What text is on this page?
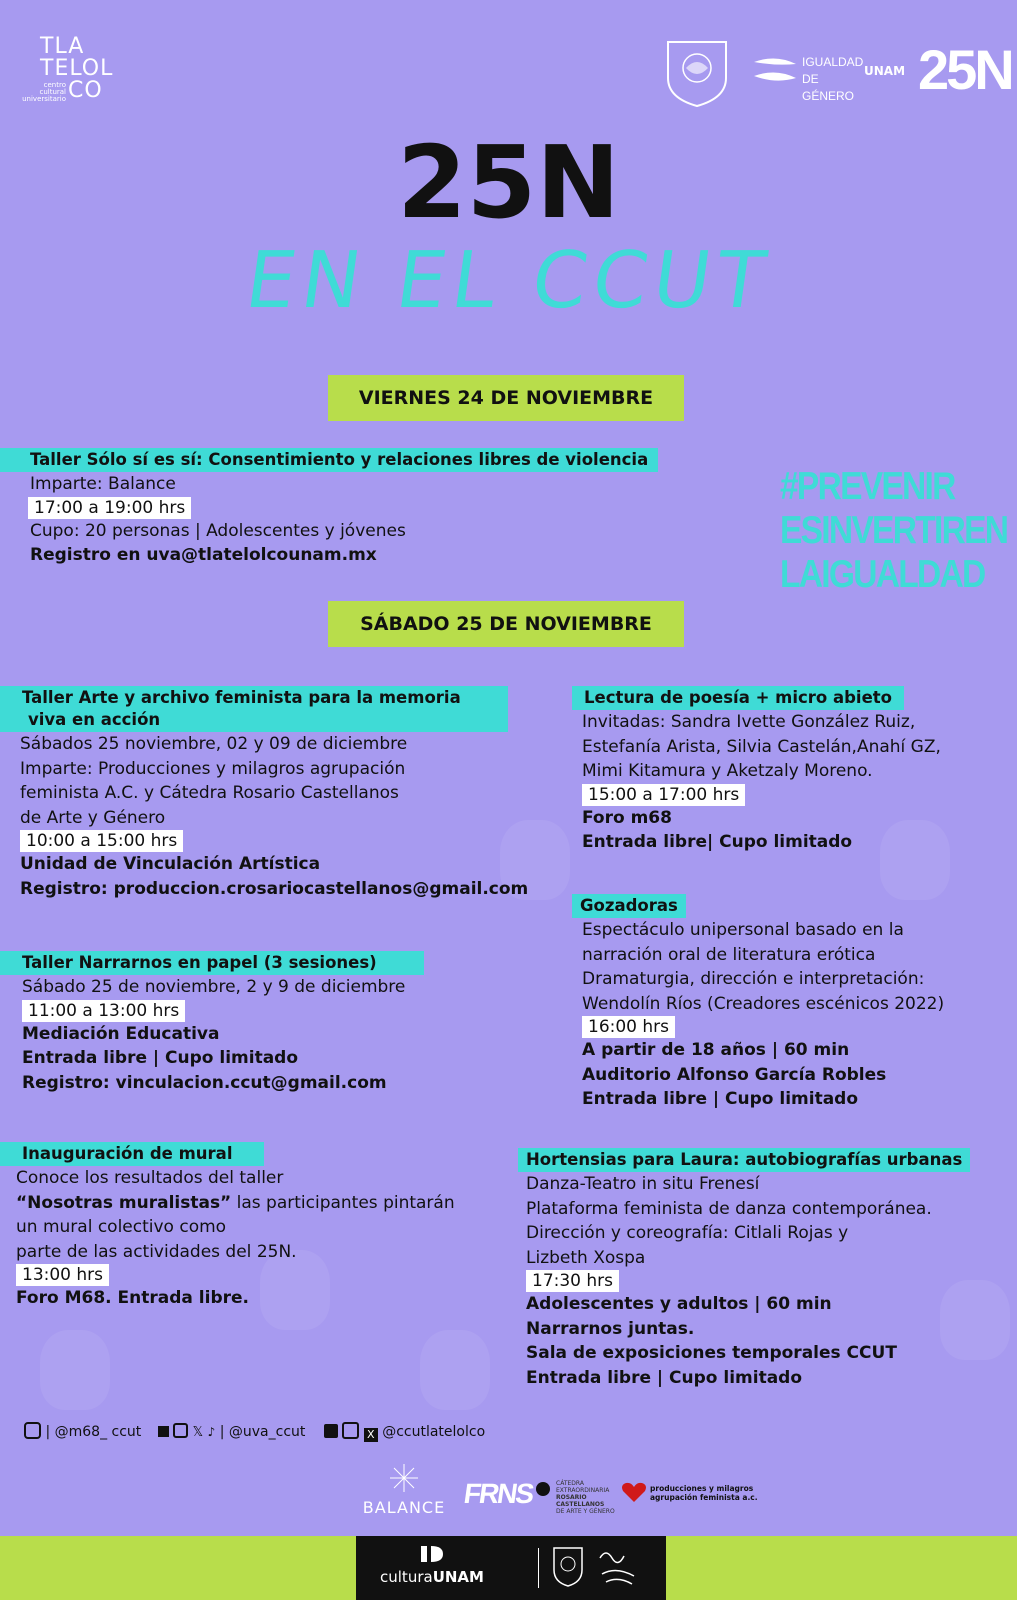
TLA
TELOL
CO
centro
cultural
universitario
IGUALDAD
DE GÉNERO
UNAM 25N
25N
EN EL CCUT
VIERNES 24 DE NOVIEMBRE
SÁBADO 25 DE NOVIEMBRE
#PREVENIR
ESINVERTIREN
LAIGUALDAD
Taller Sólo sí es sí: Consentimiento y relaciones libres de violencia
Imparte: Balance
17:00 a 19:00 hrs
Cupo: 20 personas | Adolescentes y jóvenes
Registro en uva@tlatelolcounam.mx
Taller Arte y archivo feminista para la memoria
viva en acción
Sábados 25 noviembre, 02 y 09 de diciembre
Imparte: Producciones y milagros agrupación
feminista A.C. y Cátedra Rosario Castellanos
de Arte y Género
10:00 a 15:00 hrs
Unidad de Vinculación Artística
Registro: produccion.crosariocastellanos@gmail.com
Taller Narrarnos en papel (3 sesiones)
Sábado 25 de noviembre, 2 y 9 de diciembre
11:00 a 13:00 hrs
Mediación Educativa
Entrada libre | Cupo limitado
Registro: vinculacion.ccut@gmail.com
Inauguración de mural
Conoce los resultados del taller
“Nosotras muralistas” las participantes pintarán
un mural colectivo como
parte de las actividades del 25N.
13:00 hrs
Foro M68. Entrada libre.
Lectura de poesía + micro abieto
Invitadas: Sandra Ivette González Ruiz,
Estefanía Arista, Silvia Castelán,Anahí GZ,
Mimi Kitamura y Aketzaly Moreno.
15:00 a 17:00 hrs
Foro m68
Entrada libre| Cupo limitado
Gozadoras
Espectáculo unipersonal basado en la
narración oral de literatura erótica
Dramaturgia, dirección e interpretación:
Wendolín Ríos (Creadores escénicos 2022)
16:00 hrs
A partir de 18 años | 60 min
Auditorio Alfonso García Robles
Entrada libre | Cupo limitado
Hortensias para Laura: autobiografías urbanas
Danza-Teatro in situ Frenesí
Plataforma feminista de danza contemporánea.
Dirección y coreografía: Citlali Rojas y
Lizbeth Xospa
17:30 hrs
Adolescentes y adultos | 60 min
Narrarnos juntas.
Sala de exposiciones temporales CCUT
Entrada libre | Cupo limitado
| @m68_ ccut	𝕏 ♪ | @uva_ccut	X @ccutlatelolco
BALANCE FRNS	CÁTEDRA
EXTRAORDINARIA
ROSARIO
CASTELLANOS
DE ARTE Y GÉNERO
producciones y milagros
agrupación feminista a.c.
culturaUNAM
